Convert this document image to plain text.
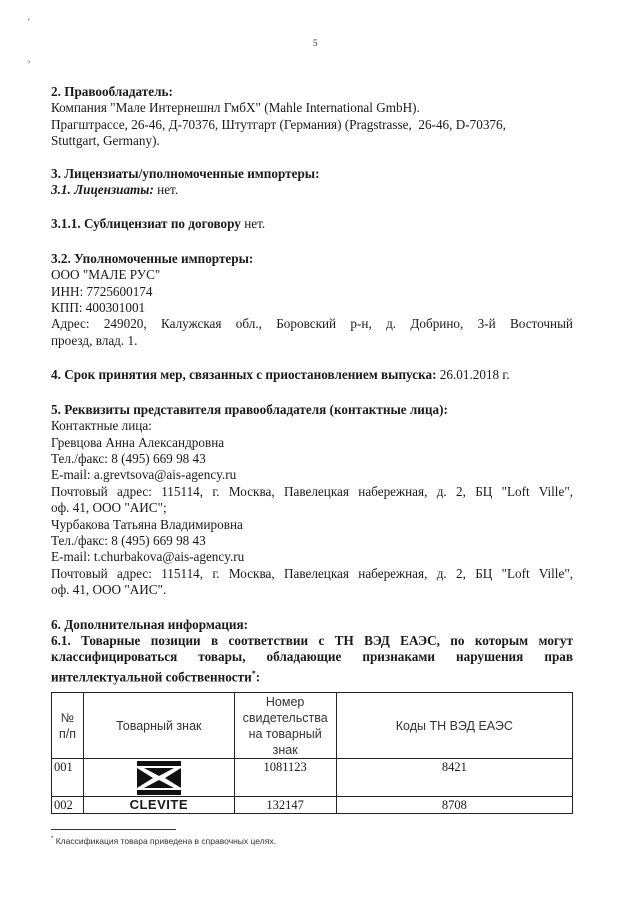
'
,
5

2. Правообладатель:

Компания "Мале Интернешнл ГмбХ" (Mahle International GmbH).

Прагштрассе, 26-46, Д-70376, Штутгарт (Германия) (Pragstrasse,  26-46, D-70376,

Stuttgart, Germany).

3. Лицензиаты/уполномоченные импортеры:

3.1. Лицензиаты: нет.

3.1.1. Сублицензиат по договору нет.

3.2. Уполномоченные импортеры:

ООО "МАЛЕ РУС"

ИНН: 7725600174

КПП: 400301001

Адрес: 249020, Калужская обл., Боровский р-н, д. Добрино, 3-й Восточный

проезд, влад. 1.

4. Срок принятия мер, связанных с приостановлением выпуска: 26.01.2018 г.

5. Реквизиты представителя правообладателя (контактные лица):

Контактные лица:

Гревцова Анна Александровна

Тел./факс: 8 (495) 669 98 43

E-mail: a.grevtsova@ais-agency.ru

Почтовый адрес: 115114, г. Москва, Павелецкая набережная, д. 2, БЦ "Loft Ville",

оф. 41, ООО "АИС";

Чурбакова Татьяна Владимировна

Тел./факс: 8 (495) 669 98 43

E-mail: t.churbakova@ais-agency.ru

Почтовый адрес: 115114, г. Москва, Павелецкая набережная, д. 2, БЦ "Loft Ville",

оф. 41, ООО "АИС".

6. Дополнительная информация:

6.1. Товарные позиции в соответствии с ТН ВЭД ЕАЭС, по которым могут

классифицироваться товары, обладающие признаками нарушения прав

интеллектуальной собственности*:

№
п/п	Товарный знак	Номер свидетельства на товарный знак	Коды ТН ВЭД ЕАЭС
001		1081123	8421
002	CLEVITE	132147	8708
* Классификация товара приведена в справочных целях.
